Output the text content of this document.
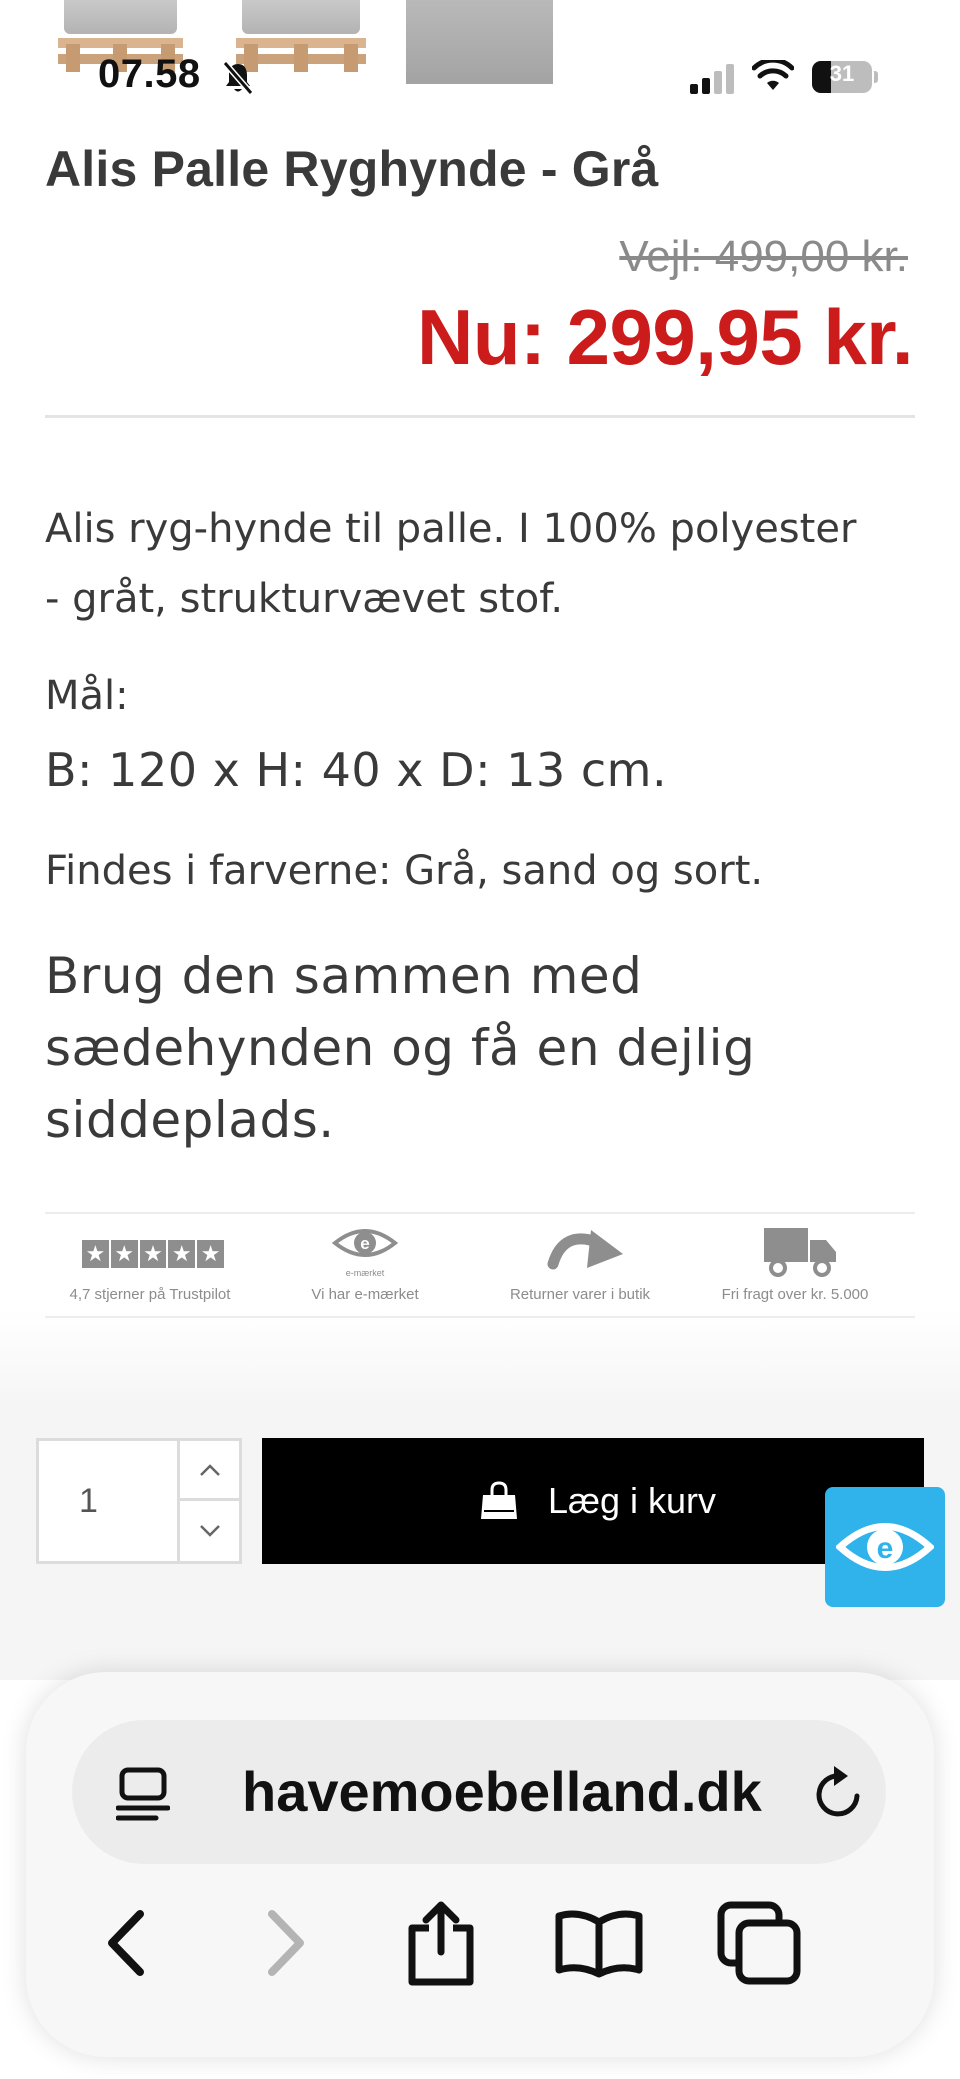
07.58	31
Alis Palle Ryghynde - Grå
Vejl: 499,00 kr.
Nu: 299,95 kr.

Alis ryg-hynde til palle. I 100% polyester - gråt, strukturvævet stof.

Mål:

B: 120 x H: 40 x D: 13 cm.

Findes i farverne: Grå, sand og sort.

Brug den sammen med sædehynden og få en dejlig siddeplads.

★ ★ ★ ★ ★
4,7 stjerner på Trustpilot
e
e-mærket
Vi har e-mærket	Returner varer i butik	Fri fragt over kr. 5.000
1	Læg i kurv
e
havemoebelland.dk
